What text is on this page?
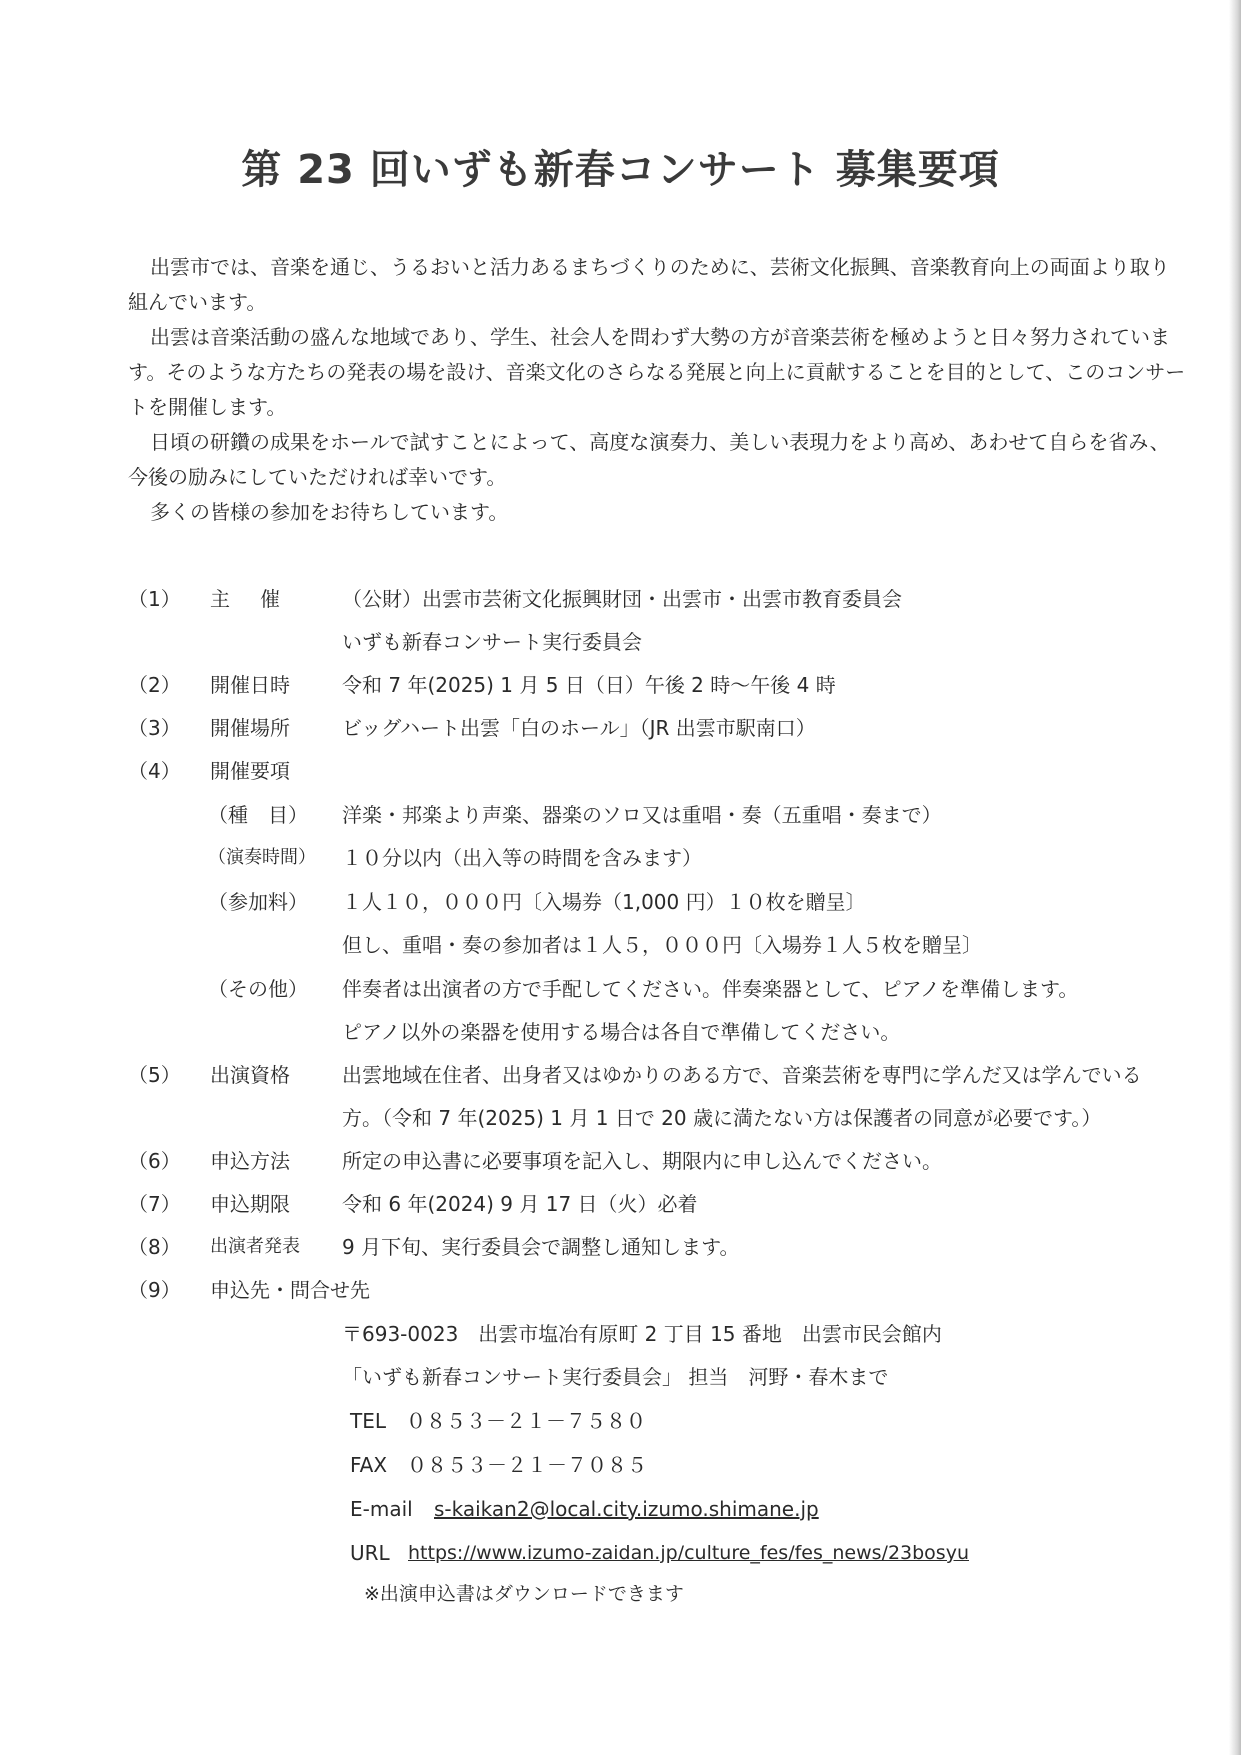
第 23 回いずも新春コンサート 募集要項

出雲市では、音楽を通じ、うるおいと活力あるまちづくりのために、芸術文化振興、音楽教育向上の両面より取り組んでいます。

出雲は音楽活動の盛んな地域であり、学生、社会人を問わず大勢の方が音楽芸術を極めようと日々努力されています。そのような方たちの発表の場を設け、音楽文化のさらなる発展と向上に貢献することを目的として、このコンサートを開催します。

日頃の研鑽の成果をホールで試すことによって、高度な演奏力、美しい表現力をより高め、あわせて自らを省み、今後の励みにしていただければ幸いです。

多くの皆様の参加をお待ちしています。

（1） 主催 （公財）出雲市芸術文化振興財団・出雲市・出雲市教育委員会
いずも新春コンサート実行委員会
（2） 開催日時	令和 7 年(2025) 1 月 5 日（日）午後 2 時～午後 4 時
（3） 開催場所	ビッグハート出雲「白のホール」（JR 出雲市駅南口）
（4） 開催要項
（種　目） 洋楽・邦楽より声楽、器楽のソロ又は重唱・奏（五重唱・奏まで）
（演奏時間） １０分以内（出入等の時間を含みます）
（参加料） １人１０，０００円〔入場券（1,000 円）１０枚を贈呈〕
但し、重唱・奏の参加者は１人５，０００円〔入場券１人５枚を贈呈〕
（その他） 伴奏者は出演者の方で手配してください。伴奏楽器として、ピアノを準備します。
ピアノ以外の楽器を使用する場合は各自で準備してください。
（5） 出演資格	出雲地域在住者、出身者又はゆかりのある方で、音楽芸術を専門に学んだ又は学んでいる
方。（令和 7 年(2025) 1 月 1 日で 20 歳に満たない方は保護者の同意が必要です。）
（6） 申込方法	所定の申込書に必要事項を記入し、期限内に申し込んでください。
（7） 申込期限	令和 6 年(2024) 9 月 17 日（火）必着
（8） 出演者発表 9 月下旬、実行委員会で調整し通知します。
（9） 申込先・問合せ先
〒693-0023　出雲市塩冶有原町 2 丁目 15 番地　出雲市民会館内
「いずも新春コンサート実行委員会」 担当　河野・春木まで
TEL　０８５３－２１－７５８０
FAX　０８５３－２１－７０８５
E-mail s-kaikan2@local.city.izumo.shimane.jp
URL https://www.izumo-zaidan.jp/culture_fes/fes_news/23bosyu
※出演申込書はダウンロードできます
